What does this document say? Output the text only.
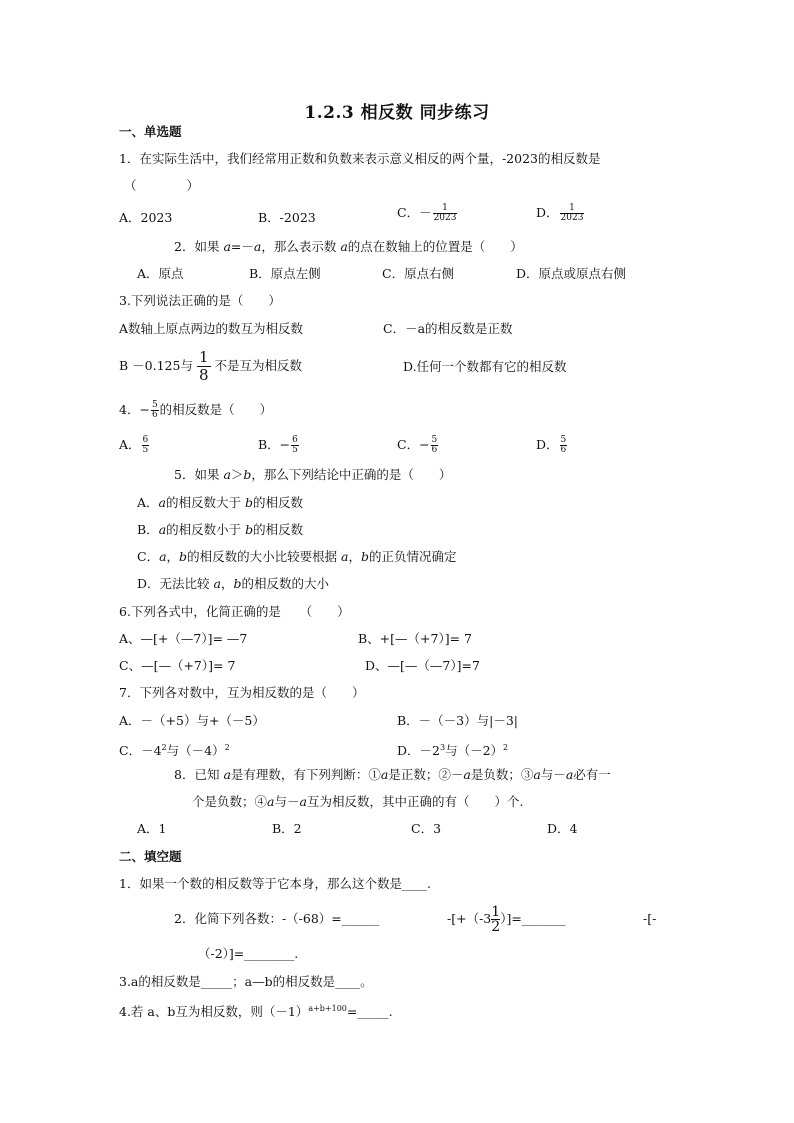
1.2.3 相反数 同步练习
一、单选题
1．在实际生活中，我们经常用正数和负数来表示意义相反的两个量，-2023的相反数是
（　　　　）
A．2023	B．-2023	C．－ $\frac{1}{2023}$	D． $\frac{1}{2023}$
2．如果 a=－a，那么表示数 a的点在数轴上的位置是（　　）
A．原点	B．原点左侧	C．原点右侧	D．原点或原点右侧
3.下列说法正确的是（　　）
A数轴上原点两边的数互为相反数	C．－a的相反数是正数
B －0.125与 $\frac{1}{8}$ 不是互为相反数	D.任何一个数都有它的相反数
4．− $\frac{5}{6}$ 的相反数是（　　）
A． $\frac{6}{5}$	B．− $\frac{6}{5}$	C．− $\frac{5}{6}$	D． $\frac{5}{6}$
5．如果 a＞b，那么下列结论中正确的是（　　）
A．a的相反数大于 b的相反数
B．a的相反数小于 b的相反数
C．a，b的相反数的大小比较要根据 a，b的正负情况确定
D．无法比较 a，b的相反数的大小
6.下列各式中，化简正确的是　　（　　）
A、—[+（—7）]= —7	B、+[—（+7）]= 7
C、—[—（+7）]= 7	D、—[—（—7）]=7
7．下列各对数中，互为相反数的是（　　）
A．－（+5）与+（－5）	B．－（－3）与|－3|
C．$-4^2$与$(-4)^2$	D．$-2^3$与$(-2)^2$
8．已知 a是有理数，有下列判断：①a是正数；②－a是负数；③a与－a必有一
个是负数；④a与－a互为相反数，其中正确的有（　　）个.
A．1	B．2	C．3	D．4
二、填空题
1．如果一个数的相反数等于它本身，那么这个数是____.
2．化简下列各数：-（-68）=______	$-[+(-3 \frac{1}{2}$ ）]=_______	-[-
（-2）]=________.
3.a的相反数是_____；a—b的相反数是____。
4.若 a、b互为相反数，则$(-1)^{a+b+100}=\_\_\_\_\_$.
